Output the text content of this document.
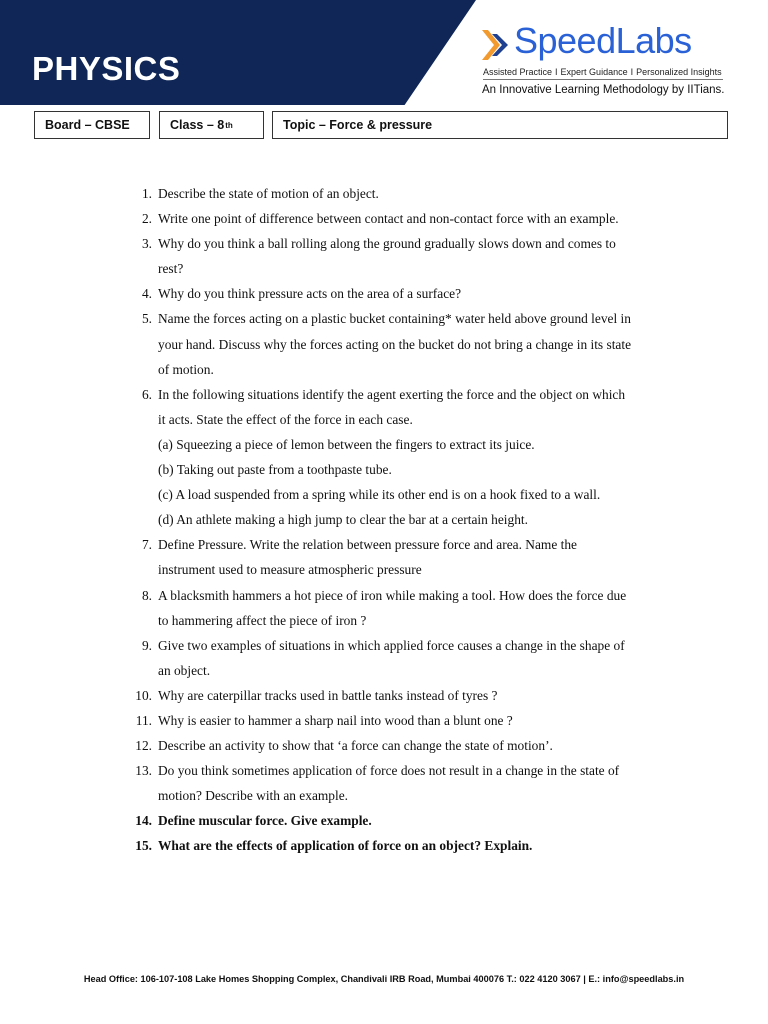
PHYSICS
SpeedLabs
Assisted Practice I Expert Guidance I Personalized Insights
An Innovative Learning Methodology by IITians.
Board – CBSE	Class – 8 th	Topic – Force & pressure
1. Describe the state of motion of an object.
2. Write one point of difference between contact and non-contact force with an example.
3. Why do you think a ball rolling along the ground gradually slows down and comes to
rest?
4. Why do you think pressure acts on the area of a surface?
5. Name the forces acting on a plastic bucket containing* water held above ground level in
your hand. Discuss why the forces acting on the bucket do not bring a change in its state
of motion.
6. In the following situations identify the agent exerting the force and the object on which
it acts. State the effect of the force in each case.
(a) Squeezing a piece of lemon between the fingers to extract its juice.
(b) Taking out paste from a toothpaste tube.
(c) A load suspended from a spring while its other end is on a hook fixed to a wall.
(d) An athlete making a high jump to clear the bar at a certain height.
7. Define Pressure. Write the relation between pressure force and area. Name the
instrument used to measure atmospheric pressure
8. A blacksmith hammers a hot piece of iron while making a tool. How does the force due
to hammering affect the piece of iron ?
9. Give two examples of situations in which applied force causes a change in the shape of
an object.
10. Why are caterpillar tracks used in battle tanks instead of tyres ?
11. Why is easier to hammer a sharp nail into wood than a blunt one ?
12. Describe an activity to show that ‘a force can change the state of motion’.
13. Do you think sometimes application of force does not result in a change in the state of
motion? Describe with an example.
14. Define muscular force. Give example.
15. What are the effects of application of force on an object? Explain.
Head Office: 106-107-108 Lake Homes Shopping Complex, Chandivali IRB Road, Mumbai 400076 T.: 022 4120 3067 | E.: info@speedlabs.in
